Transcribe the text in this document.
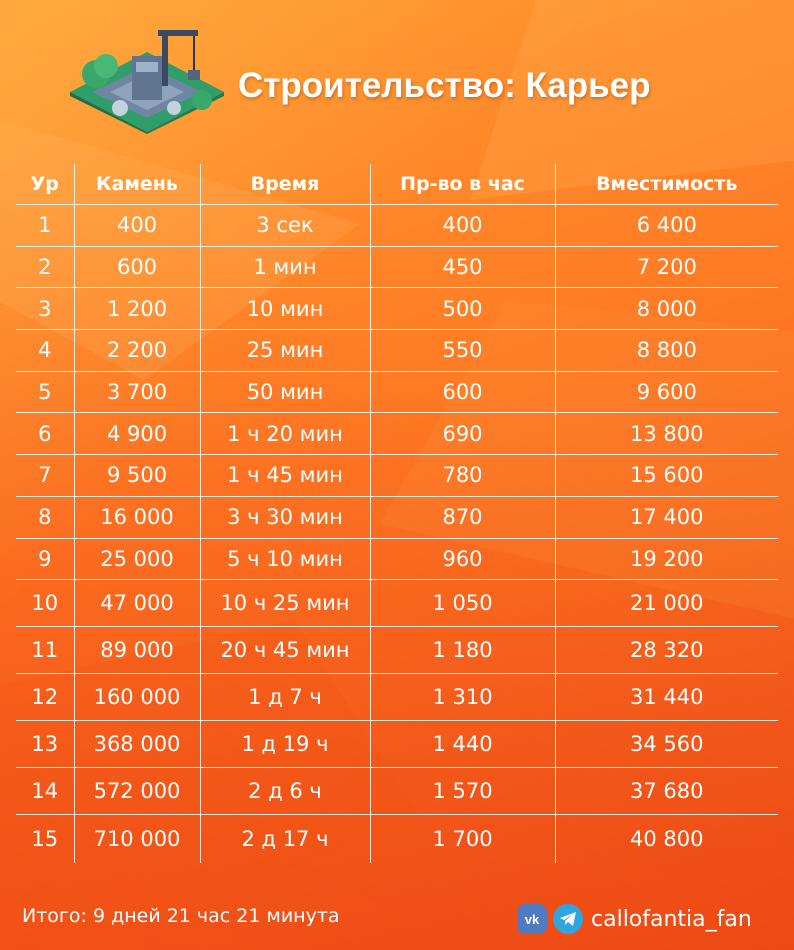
Строительство: Карьер
Ур	Камень	Время	Пр-во в час	Вместимость
1	400	3 сек	400	6 400
2	600	1 мин	450	7 200
3	1 200	10 мин	500	8 000
4	2 200	25 мин	550	8 800
5	3 700	50 мин	600	9 600
6	4 900	1 ч 20 мин	690	13 800
7	9 500	1 ч 45 мин	780	15 600
8	16 000	3 ч 30 мин	870	17 400
9	25 000	5 ч 10 мин	960	19 200
10	47 000	10 ч 25 мин	1 050	21 000
11	89 000	20 ч 45 мин	1 180	28 320
12	160 000	1 д 7 ч	1 310	31 440
13	368 000	1 д 19 ч	1 440	34 560
14	572 000	2 д 6 ч	1 570	37 680
15	710 000	2 д 17 ч	1 700	40 800
Итого: 9 дней 21 час 21 минута	vk callofantia_fan
